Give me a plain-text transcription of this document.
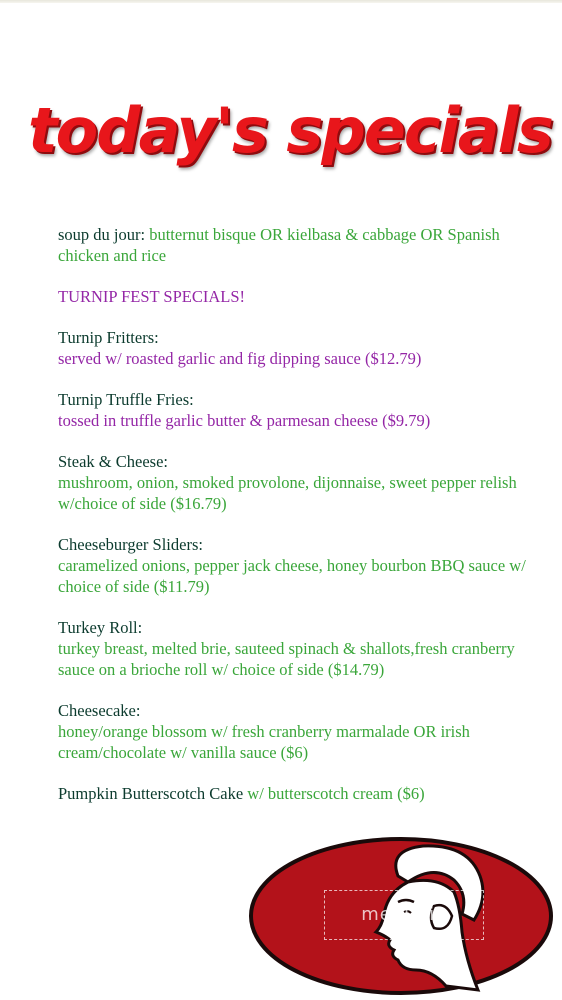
today's specials

soup du jour: butternut bisque OR kielbasa & cabbage OR Spanish chicken and rice

TURNIP FEST SPECIALS!

Turnip Fritters:
served w/ roasted garlic and fig dipping sauce ($12.79)

Turnip Truffle Fries:
tossed in truffle garlic butter & parmesan cheese ($9.79)

Steak & Cheese:
mushroom, onion, smoked provolone, dijonnaise, sweet pepper relish w/choice of side ($16.79)

Cheeseburger Sliders:
caramelized onions, pepper jack cheese, honey bourbon BBQ sauce w/ choice of side ($11.79)

Turkey Roll:
turkey breast, melted brie, sauteed spinach & shallots,fresh cranberry sauce on a brioche roll w/ choice of side ($14.79)

Cheesecake:
honey/orange blossom w/ fresh cranberry marmalade OR irish cream/chocolate w/ vanilla sauce ($6)

Pumpkin Butterscotch Cake w/ butterscotch cream ($6)

menupix
